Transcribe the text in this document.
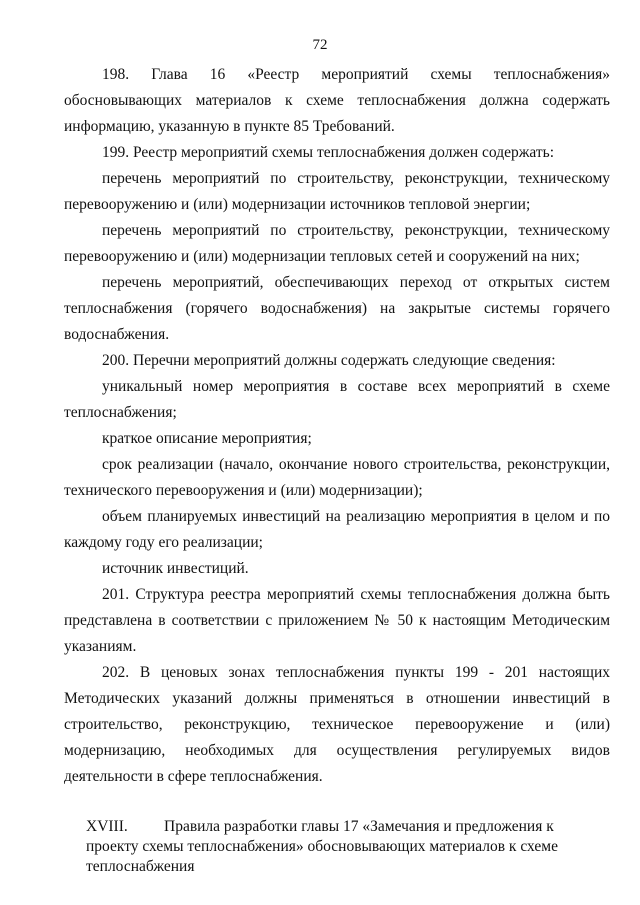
72

198. Глава 16 «Реестр мероприятий схемы теплоснабжения» обосновывающих материалов к схеме теплоснабжения должна содержать информацию, указанную в пункте 85 Требований.

199. Реестр мероприятий схемы теплоснабжения должен содержать:

перечень мероприятий по строительству, реконструкции, техническому перевооружению и (или) модернизации источников тепловой энергии;

перечень мероприятий по строительству, реконструкции, техническому перевооружению и (или) модернизации тепловых сетей и сооружений на них;

перечень мероприятий, обеспечивающих переход от открытых систем теплоснабжения (горячего водоснабжения) на закрытые системы горячего водоснабжения.

200. Перечни мероприятий должны содержать следующие сведения:

уникальный номер мероприятия в составе всех мероприятий в схеме теплоснабжения;

краткое описание мероприятия;

срок реализации (начало, окончание нового строительства, реконструкции, технического перевооружения и (или) модернизации);

объем планируемых инвестиций на реализацию мероприятия в целом и по каждому году его реализации;

источник инвестиций.

201. Структура реестра мероприятий схемы теплоснабжения должна быть представлена в соответствии с приложением № 50 к настоящим Методическим указаниям.

202. В ценовых зонах теплоснабжения пункты 199 - 201 настоящих Методических указаний должны применяться в отношении инвестиций в строительство, реконструкцию, техническое перевооружение и (или) модернизацию, необходимых для осуществления регулируемых видов деятельности в сфере теплоснабжения.

XVIII. Правила разработки главы 17 «Замечания и предложения к проекту схемы теплоснабжения» обосновывающих материалов к схеме теплоснабжения
